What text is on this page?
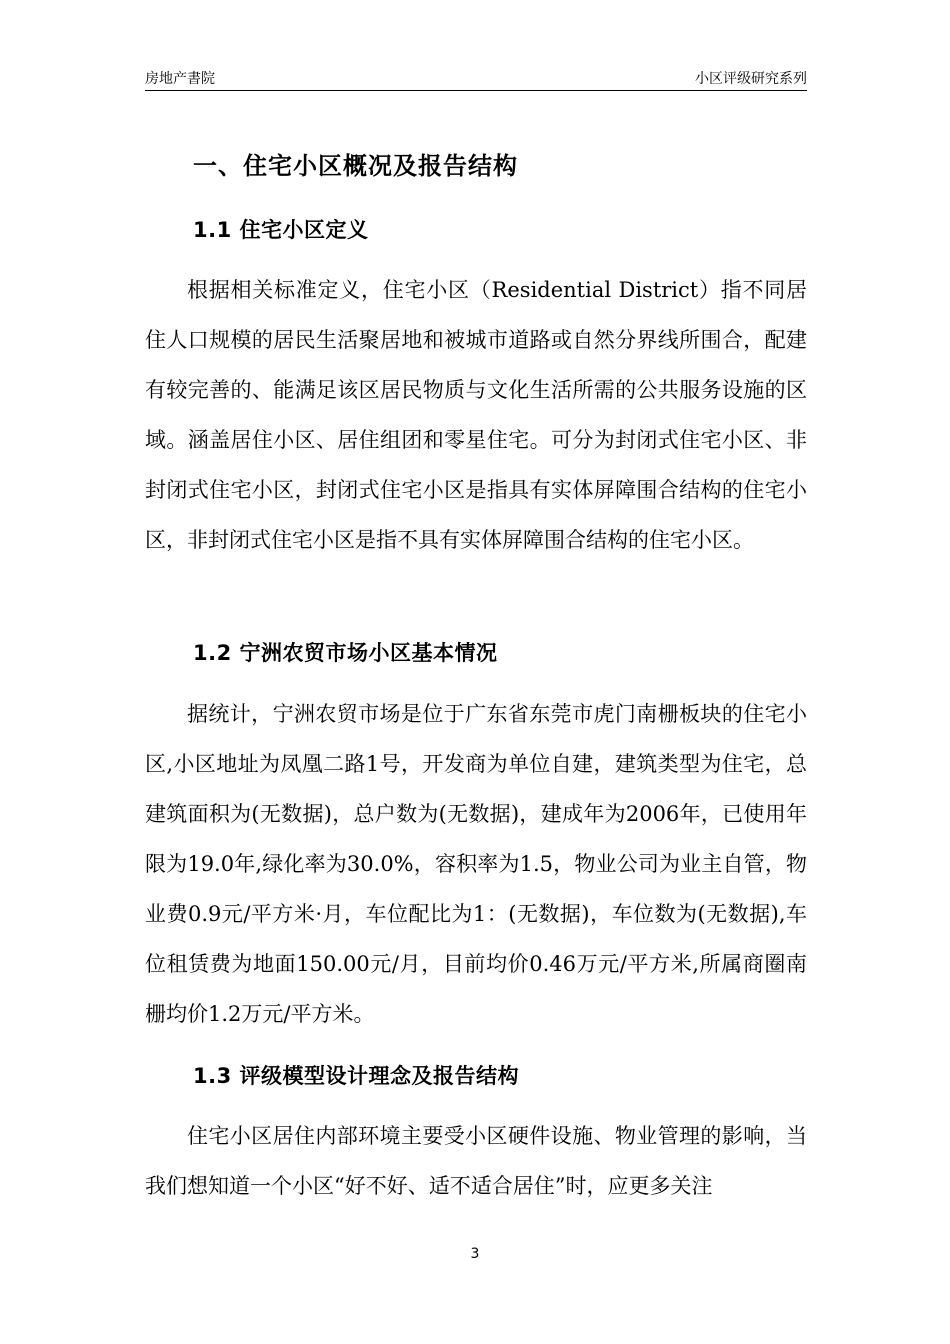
房地产書院	小区评级研究系列
一、住宅小区概况及报告结构
1.1 住宅小区定义

根据相关标准定义，住宅小区（Residential District）指不同居住人口规模的居民生活聚居地和被城市道路或自然分界线所围合，配建有较完善的、能满足该区居民物质与文化生活所需的公共服务设施的区域。涵盖居住小区、居住组团和零星住宅。可分为封闭式住宅小区、非封闭式住宅小区，封闭式住宅小区是指具有实体屏障围合结构的住宅小区，非封闭式住宅小区是指不具有实体屏障围合结构的住宅小区。

1.2 宁洲农贸市场小区基本情况

据统计，宁洲农贸市场是位于广东省东莞市虎门南栅板块的住宅小区,小区地址为凤凰二路1号，开发商为单位自建，建筑类型为住宅，总建筑面积为(无数据)，总户数为(无数据)，建成年为2006年，已使用年限为19.0年,绿化率为30.0%，容积率为1.5，物业公司为业主自管，物业费0.9元/平方米·月，车位配比为1：(无数据)，车位数为(无数据),车位租赁费为地面150.00元/月，目前均价0.46万元/平方米,所属商圈南栅均价1.2万元/平方米。

1.3 评级模型设计理念及报告结构

住宅小区居住内部环境主要受小区硬件设施、物业管理的影响，当我们想知道一个小区“好不好、适不适合居住”时，应更多关注

3
